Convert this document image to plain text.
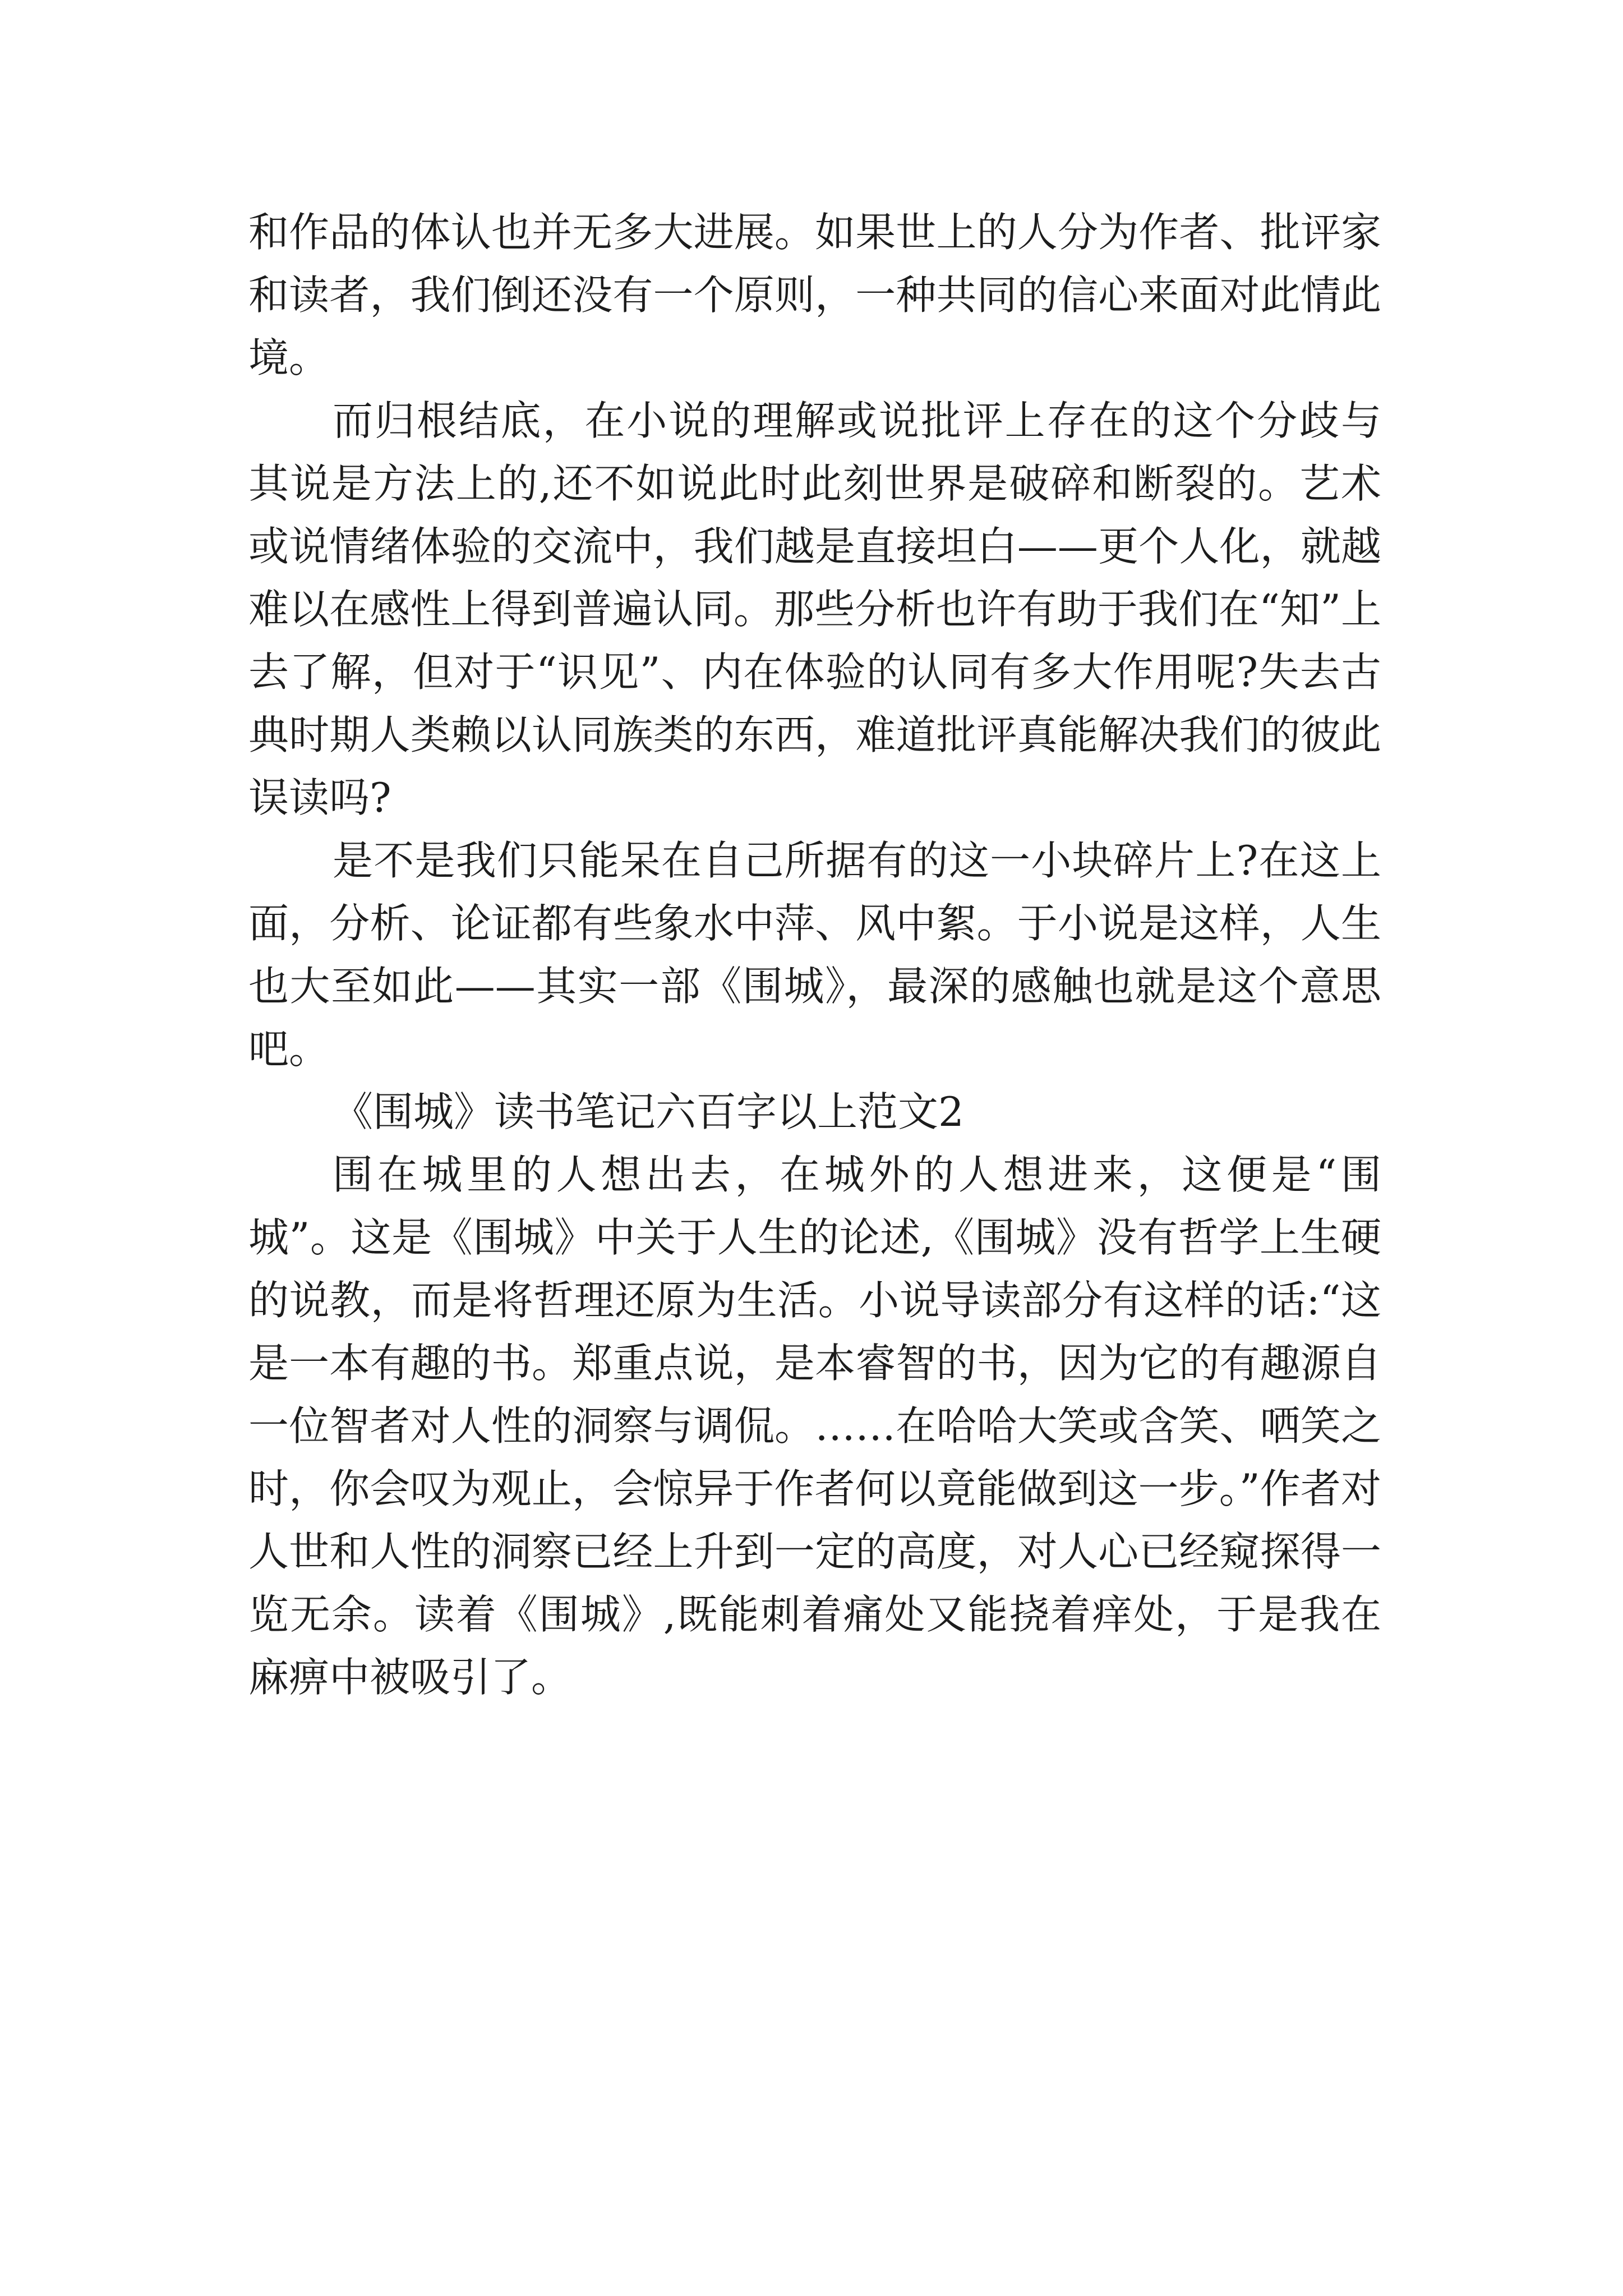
和作品的体认也并无多大进展。如果世上的人分为作者、批评家和读者，我们倒还没有一个原则，一种共同的信心来面对此情此境。

而归根结底，在小说的理解或说批评上存在的这个分歧与其说是方法上的,还不如说此时此刻世界是破碎和断裂的。艺术或说情绪体验的交流中，我们越是直接坦白——更个人化，就越难以在感性上得到普遍认同。那些分析也许有助于我们在“知”上去了解，但对于“识见”、内在体验的认同有多大作用呢?失去古典时期人类赖以认同族类的东西，难道批评真能解决我们的彼此误读吗?

是不是我们只能呆在自己所据有的这一小块碎片上?在这上面，分析、论证都有些象水中萍、风中絮。于小说是这样，人生也大至如此——其实一部《围城》，最深的感触也就是这个意思吧。

《围城》读书笔记六百字以上范文2

围在城里的人想出去，在城外的人想进来，这便是“围城”。这是《围城》中关于人生的论述,《围城》没有哲学上生硬的说教，而是将哲理还原为生活。小说导读部分有这样的话:“这是一本有趣的书。郑重点说，是本睿智的书，因为它的有趣源自一位智者对人性的洞察与调侃。……在哈哈大笑或含笑、哂笑之时，你会叹为观止，会惊异于作者何以竟能做到这一步。”作者对人世和人性的洞察已经上升到一定的高度，对人心已经窥探得一览无余。读着《围城》,既能刺着痛处又能挠着痒处，于是我在麻痹中被吸引了。
